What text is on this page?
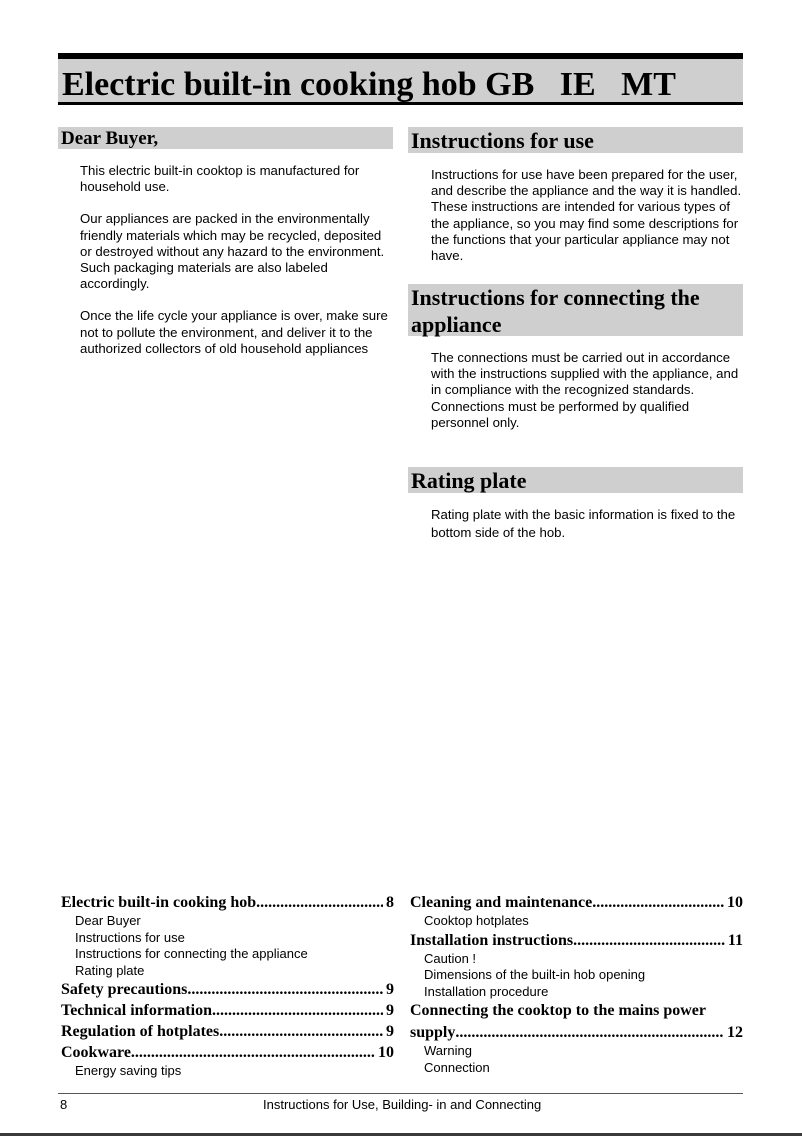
Electric built-in cooking hob GB   IE   MT
Dear Buyer,

This electric built-in cooktop is manufactured for household use.

Our appliances are packed in the environmentally friendly materials which may be recycled, deposited or destroyed without any hazard to the environment. Such packaging materials are also labeled accordingly.

Once the life cycle your appliance is over, make sure not to pollute the environment, and deliver it to the authorized collectors of old household appliances

Instructions for use
Instructions for use have been prepared for the user, and describe the appliance and the way it is handled. These instructions are intended for various types of the appliance, so you may find some descriptions for the functions that your particular appliance may not have.
Instructions for connecting the appliance
The connections must be carried out in accordance with the instructions supplied with the appliance, and in compliance with the recognized standards.
Connections must be performed by qualified personnel only.
Rating plate
Rating plate with the basic information is fixed to the bottom side of the hob.
Electric built-in cooking hob .....	8
Dear Buyer
Instructions for use
Instructions for connecting the appliance
Rating plate
Safety precautions .....	9
Technical information .....	9
Regulation of hotplates .....	9
Cookware .....	10
Energy saving tips
Cleaning and maintenance .....	10
Cooktop hotplates
Installation instructions .....	11
Caution !
Dimensions of the built-in hob opening
Installation procedure
Connecting the cooktop to the mains power
supply .....	12
Warning
Connection
8	Instructions for Use, Building- in and Connecting
